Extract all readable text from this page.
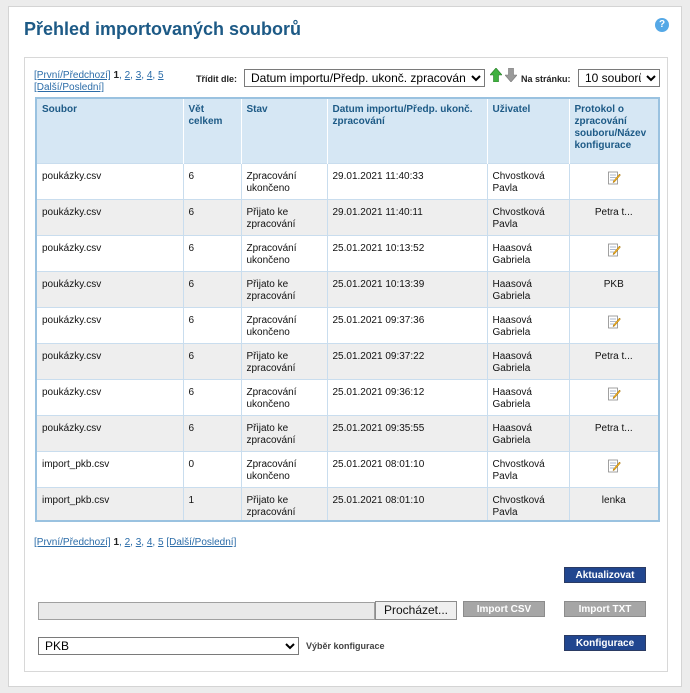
Přehled importovaných souborů	?
[První/Předchozí] 1, 2, 3, 4, 5 [Další/Poslední]
Třídit dle:
Datum importu/Předp. ukonč. zpracování	Na stránku:
10 souborů
Soubor	Vět celkem	Stav	Datum importu/Předp. ukonč. zpracování	Uživatel	Protokol o zpracování souboru/Název konfigurace
poukázky.csv	6	Zpracování ukončeno	29.01.2021 11:40:33	Chvostková Pavla	
poukázky.csv	6	Přijato ke zpracování	29.01.2021 11:40:11	Chvostková Pavla	Petra t...
poukázky.csv	6	Zpracování ukončeno	25.01.2021 10:13:52	Haasová Gabriela	
poukázky.csv	6	Přijato ke zpracování	25.01.2021 10:13:39	Haasová Gabriela	PKB
poukázky.csv	6	Zpracování ukončeno	25.01.2021 09:37:36	Haasová Gabriela	
poukázky.csv	6	Přijato ke zpracování	25.01.2021 09:37:22	Haasová Gabriela	Petra t...
poukázky.csv	6	Zpracování ukončeno	25.01.2021 09:36:12	Haasová Gabriela	
poukázky.csv	6	Přijato ke zpracování	25.01.2021 09:35:55	Haasová Gabriela	Petra t...
import_pkb.csv	0	Zpracování ukončeno	25.01.2021 08:01:10	Chvostková Pavla	
import_pkb.csv	1	Přijato ke zpracování	25.01.2021 08:01:10	Chvostková Pavla	lenka
[První/Předchozí] 1, 2, 3, 4, 5 [Další/Poslední]
Aktualizovat
Procházet...	Import CSV	Import TXT
PKB
Výběr konfigurace	Konfigurace
